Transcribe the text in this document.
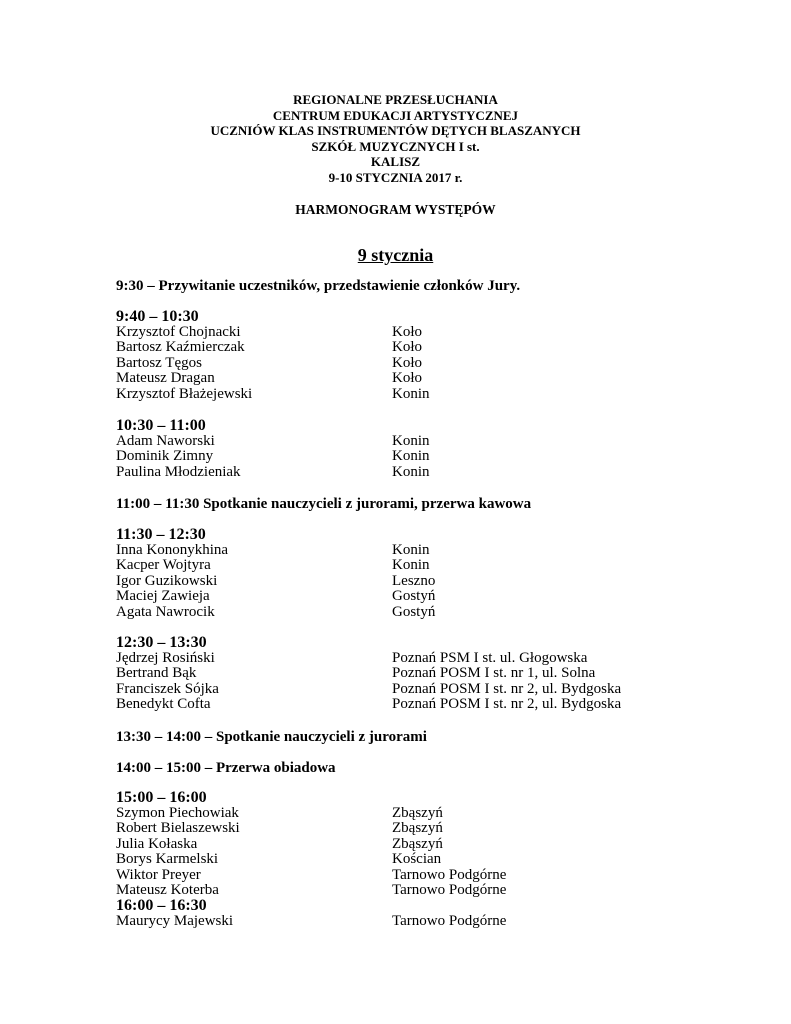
REGIONALNE PRZESŁUCHANIA
CENTRUM EDUKACJI ARTYSTYCZNEJ
UCZNIÓW KLAS INSTRUMENTÓW DĘTYCH BLASZANYCH
SZKÓŁ MUZYCZNYCH I st.
KALISZ
9-10 STYCZNIA 2017 r.
HARMONOGRAM WYSTĘPÓW
9 stycznia
9:30 – Przywitanie uczestników, przedstawienie członków Jury.
9:40 – 10:30
Krzysztof Chojnacki	Koło
Bartosz Kaźmierczak	Koło
Bartosz Tęgos	Koło
Mateusz Dragan	Koło
Krzysztof Błażejewski	Konin
10:30 – 11:00
Adam Naworski	Konin
Dominik Zimny	Konin
Paulina Młodzieniak	Konin
11:00 – 11:30 Spotkanie nauczycieli z jurorami, przerwa kawowa
11:30 – 12:30
Inna Kononykhina	Konin
Kacper Wojtyra	Konin
Igor Guzikowski	Leszno
Maciej Zawieja	Gostyń
Agata Nawrocik	Gostyń
12:30 – 13:30
Jędrzej Rosiński	Poznań PSM I st. ul. Głogowska
Bertrand Bąk	Poznań POSM I st. nr 1, ul. Solna
Franciszek Sójka	Poznań POSM I st. nr 2, ul. Bydgoska
Benedykt Cofta	Poznań POSM I st. nr 2, ul. Bydgoska
13:30 – 14:00 – Spotkanie nauczycieli z jurorami
14:00 – 15:00 – Przerwa obiadowa
15:00 – 16:00
Szymon Piechowiak	Zbąszyń
Robert Bielaszewski	Zbąszyń
Julia Kołaska	Zbąszyń
Borys Karmelski	Kościan
Wiktor Preyer	Tarnowo Podgórne
Mateusz Koterba	Tarnowo Podgórne
16:00 – 16:30
Maurycy Majewski	Tarnowo Podgórne
